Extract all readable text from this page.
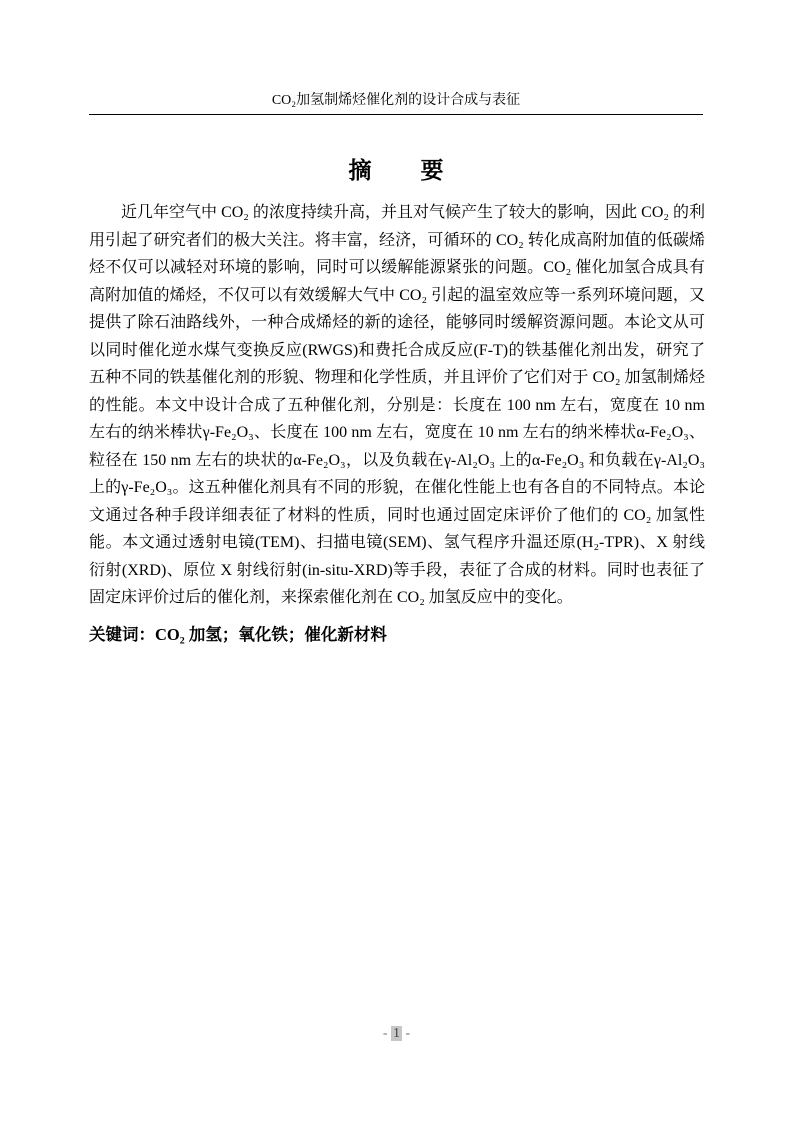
CO₂加氢制烯烃催化剂的设计合成与表征
摘　　要
近几年空气中 CO₂ 的浓度持续升高，并且对气候产生了较大的影响，因此 CO₂ 的利
用引起了研究者们的极大关注。将丰富，经济，可循环的 CO₂ 转化成高附加值的低碳烯
烃不仅可以减轻对环境的影响，同时可以缓解能源紧张的问题。CO₂ 催化加氢合成具有
高附加值的烯烃，不仅可以有效缓解大气中 CO₂ 引起的温室效应等一系列环境问题，又
提供了除石油路线外，一种合成烯烃的新的途径，能够同时缓解资源问题。本论文从可
以同时催化逆水煤气变换反应(RWGS)和费托合成反应(F-T)的铁基催化剂出发，研究了
五种不同的铁基催化剂的形貌、物理和化学性质，并且评价了它们对于 CO₂ 加氢制烯烃
的性能。本文中设计合成了五种催化剂，分别是：长度在 100 nm 左右，宽度在 10 nm
左右的纳米棒状γ-Fe₂O₃、长度在 100 nm 左右，宽度在 10 nm 左右的纳米棒状α-Fe₂O₃、
粒径在 150 nm 左右的块状的α-Fe₂O₃，以及负载在γ-Al₂O₃ 上的α-Fe₂O₃ 和负载在γ-Al₂O₃
上的γ-Fe₂O₃。这五种催化剂具有不同的形貌，在催化性能上也有各自的不同特点。本论
文通过各种手段详细表征了材料的性质，同时也通过固定床评价了他们的 CO₂ 加氢性
能。本文通过透射电镜(TEM)、扫描电镜(SEM)、氢气程序升温还原(H₂-TPR)、X 射线
衍射(XRD)、原位 X 射线衍射(in-situ-XRD)等手段，表征了合成的材料。同时也表征了
固定床评价过后的催化剂，来探索催化剂在 CO₂ 加氢反应中的变化。
关键词：CO₂ 加氢；氧化铁；催化新材料
- 1 -
